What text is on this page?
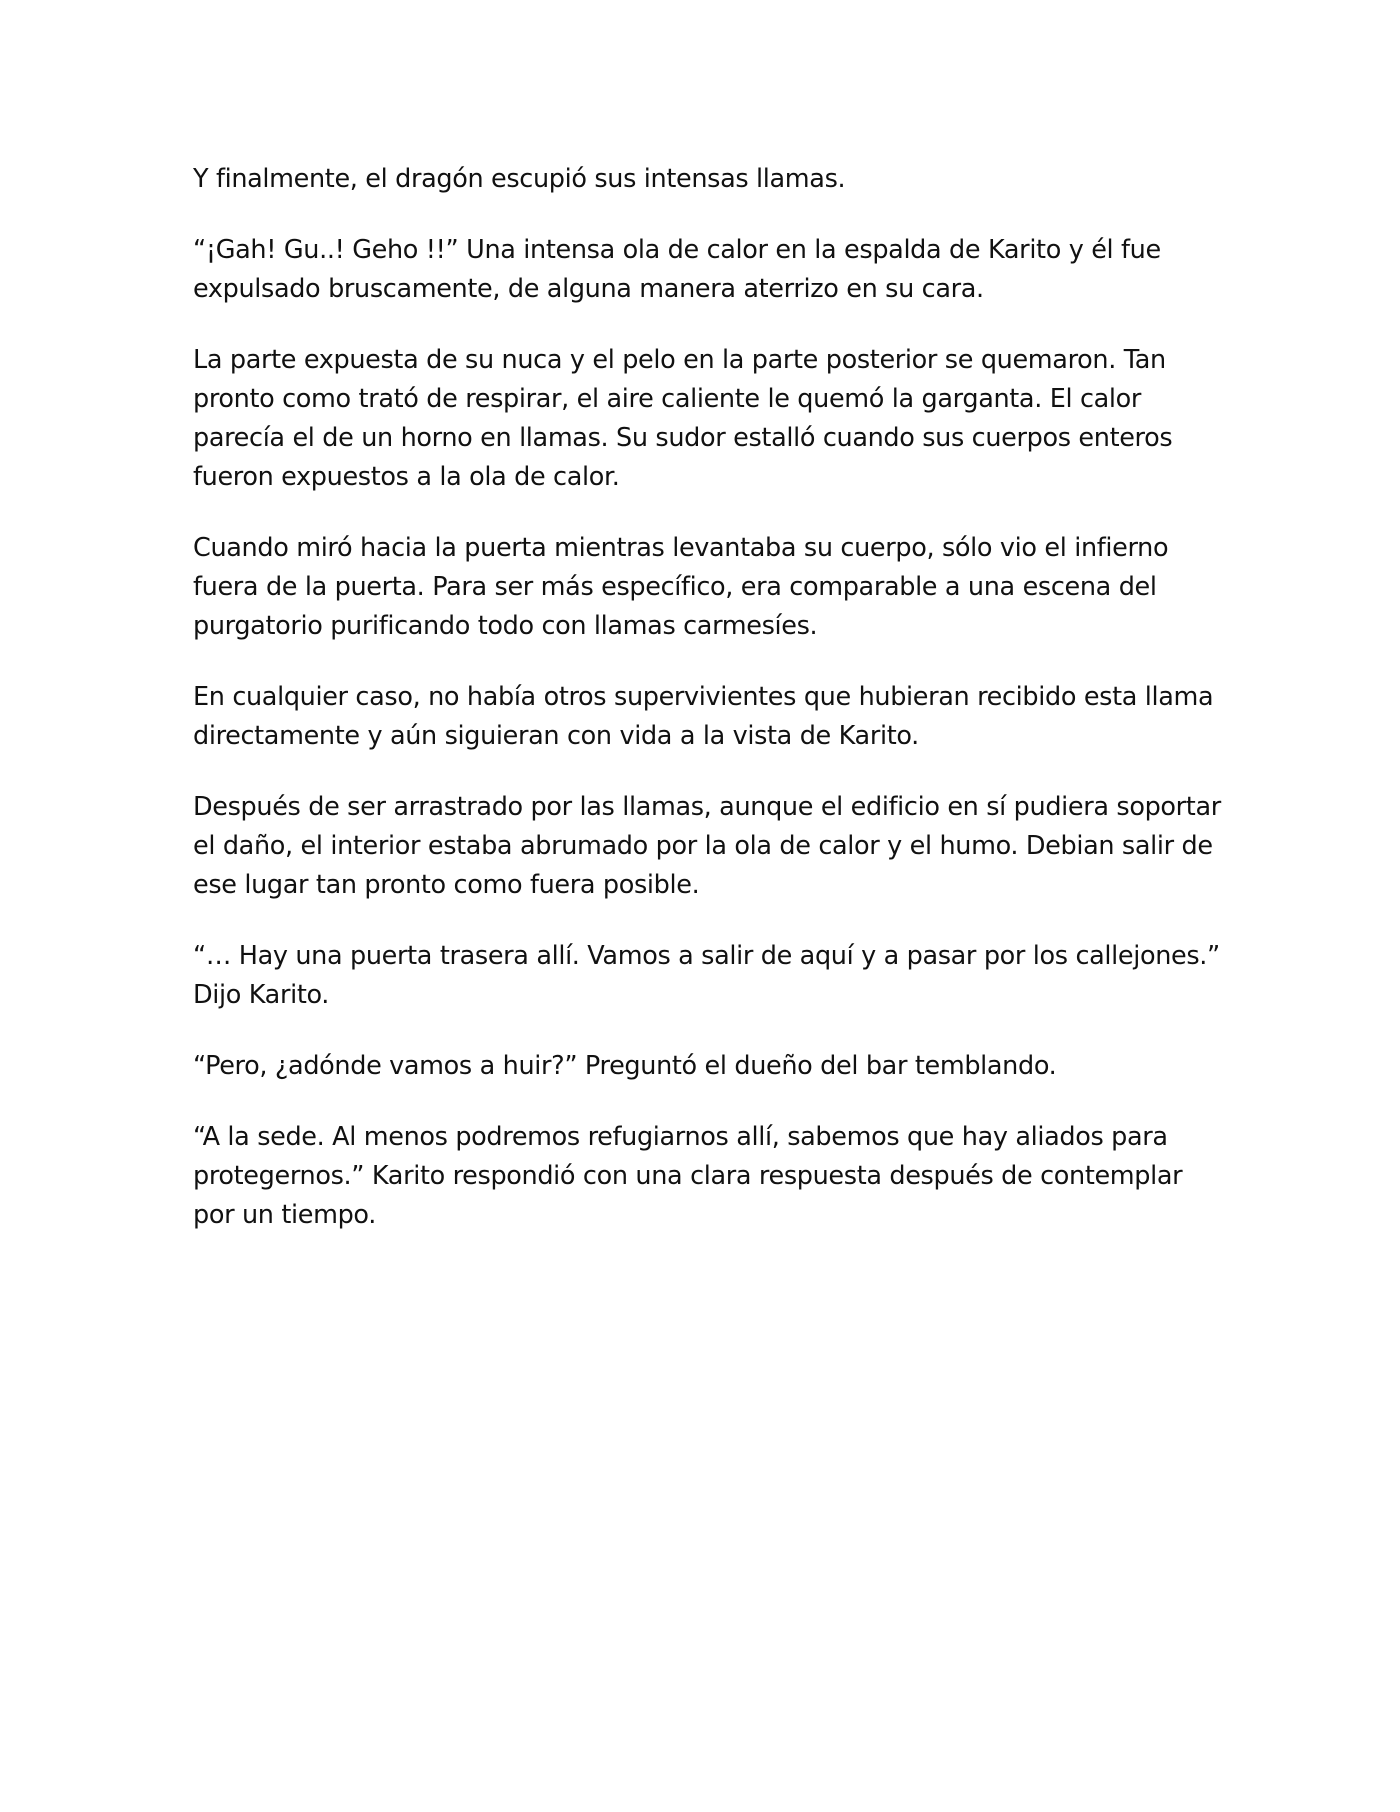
Y finalmente, el dragón escupió sus intensas llamas.

“¡Gah! Gu..! Geho !!” Una intensa ola de calor en la espalda de Karito y él fue expulsado bruscamente, de alguna manera aterrizo en su cara.

La parte expuesta de su nuca y el pelo en la parte posterior se quemaron. Tan pronto como trató de respirar, el aire caliente le quemó la garganta. El calor parecía el de un horno en llamas. Su sudor estalló cuando sus cuerpos enteros fueron expuestos a la ola de calor.

Cuando miró hacia la puerta mientras levantaba su cuerpo, sólo vio el infierno fuera de la puerta. Para ser más específico, era comparable a una escena del purgatorio purificando todo con llamas carmesíes.

En cualquier caso, no había otros supervivientes que hubieran recibido esta llama directamente y aún siguieran con vida a la vista de Karito.

Después de ser arrastrado por las llamas, aunque el edificio en sí pudiera soportar el daño, el interior estaba abrumado por la ola de calor y el humo. Debian salir de ese lugar tan pronto como fuera posible.

“… Hay una puerta trasera allí. Vamos a salir de aquí y a pasar por los callejones.” Dijo Karito.

“Pero, ¿adónde vamos a huir?” Preguntó el dueño del bar temblando.

“A la sede. Al menos podremos refugiarnos allí, sabemos que hay aliados para protegernos.” Karito respondió con una clara respuesta después de contemplar por un tiempo.
